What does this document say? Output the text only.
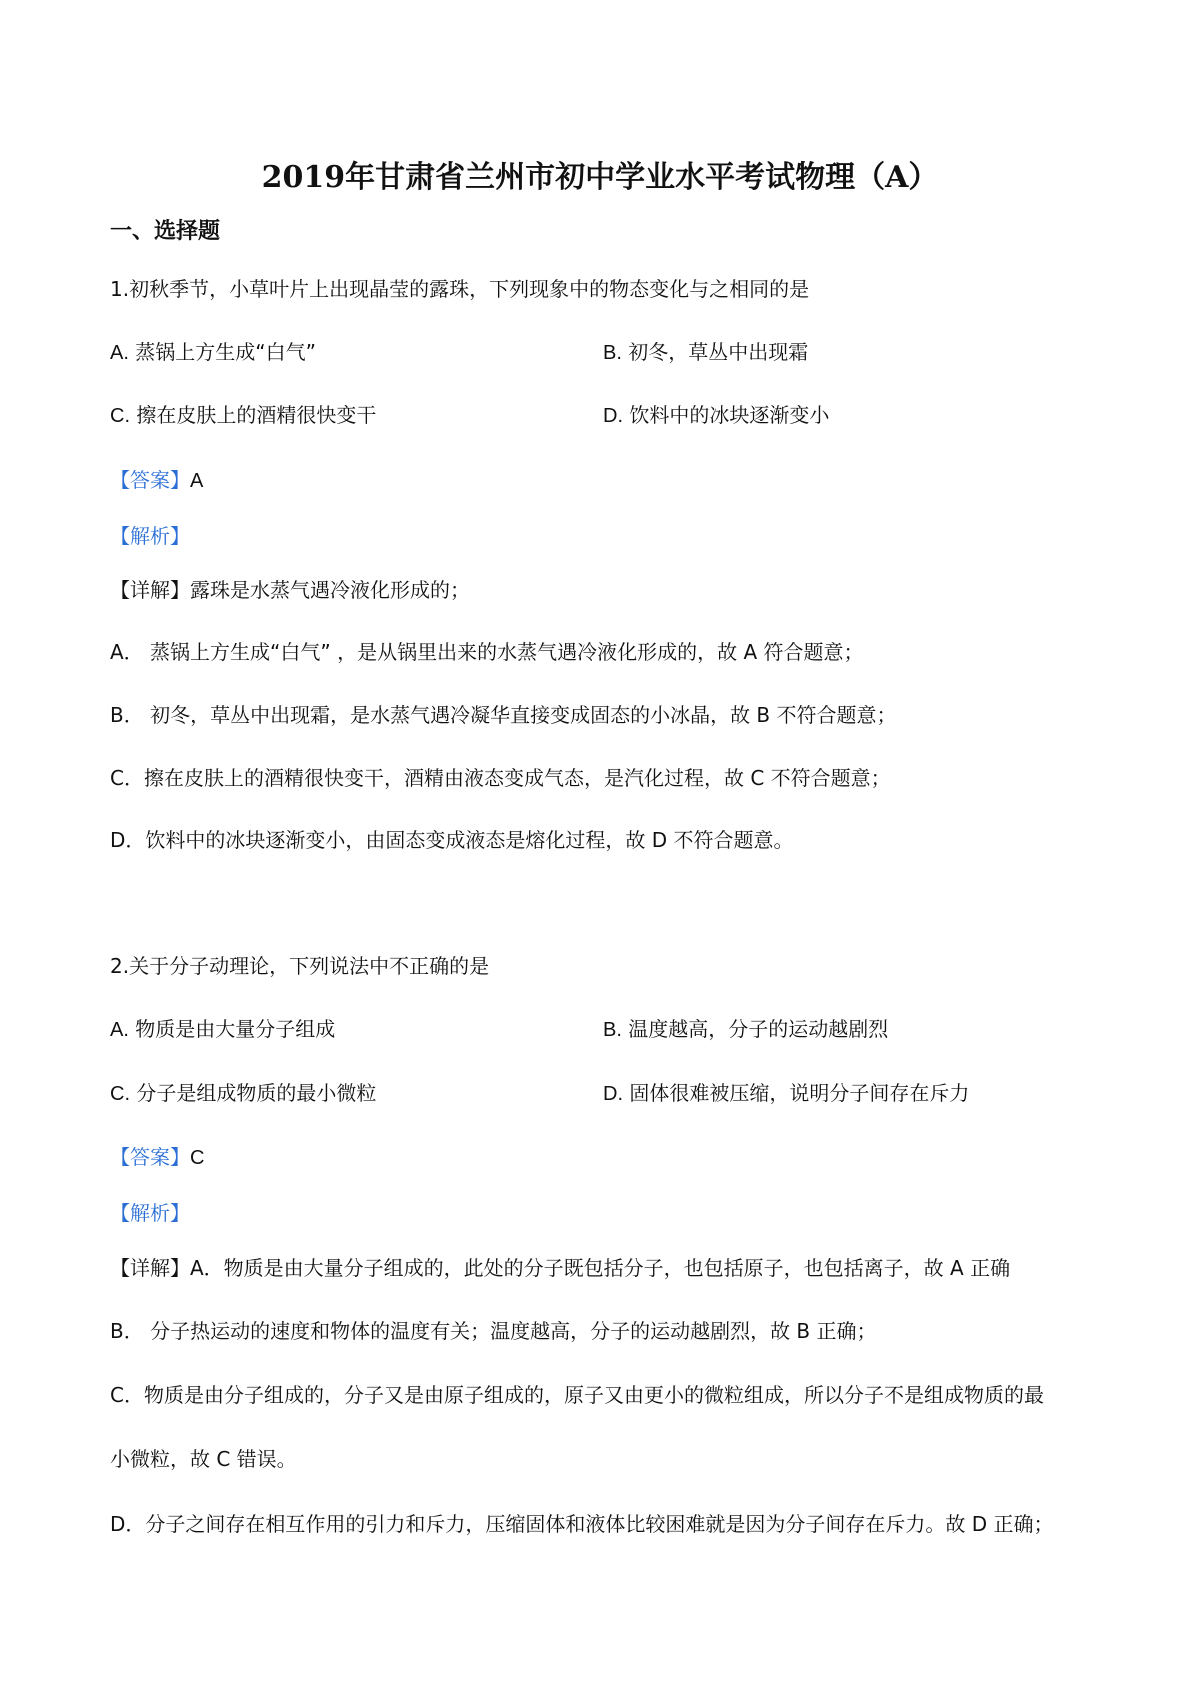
2019年甘肃省兰州市初中学业水平考试物理（A）
一、选择题
1.初秋季节，小草叶片上出现晶莹的露珠，下列现象中的物态变化与之相同的是
A. 蒸锅上方生成“白气”	B. 初冬，草丛中出现霜
C. 擦在皮肤上的酒精很快变干	D. 饮料中的冰块逐渐变小
【答案】A
【解析】
【详解】露珠是水蒸气遇冷液化形成的；
A． 蒸锅上方生成“白气” ，是从锅里出来的水蒸气遇冷液化形成的，故 A 符合题意；
B． 初冬，草丛中出现霜，是水蒸气遇冷凝华直接变成固态的小冰晶，故 B 不符合题意；
C．擦在皮肤上的酒精很快变干，酒精由液态变成气态，是汽化过程，故 C 不符合题意；
D．饮料中的冰块逐渐变小，由固态变成液态是熔化过程，故 D 不符合题意。
2.关于分子动理论，下列说法中不正确的是
A. 物质是由大量分子组成	B. 温度越高，分子的运动越剧烈
C. 分子是组成物质的最小微粒	D. 固体很难被压缩，说明分子间存在斥力
【答案】C
【解析】
【详解】A．物质是由大量分子组成的，此处的分子既包括分子，也包括原子，也包括离子，故 A 正确
B． 分子热运动的速度和物体的温度有关；温度越高，分子的运动越剧烈，故 B 正确；
C．物质是由分子组成的，分子又是由原子组成的，原子又由更小的微粒组成，所以分子不是组成物质的最
小微粒，故 C 错误。
D．分子之间存在相互作用的引力和斥力，压缩固体和液体比较困难就是因为分子间存在斥力。故 D 正确；
